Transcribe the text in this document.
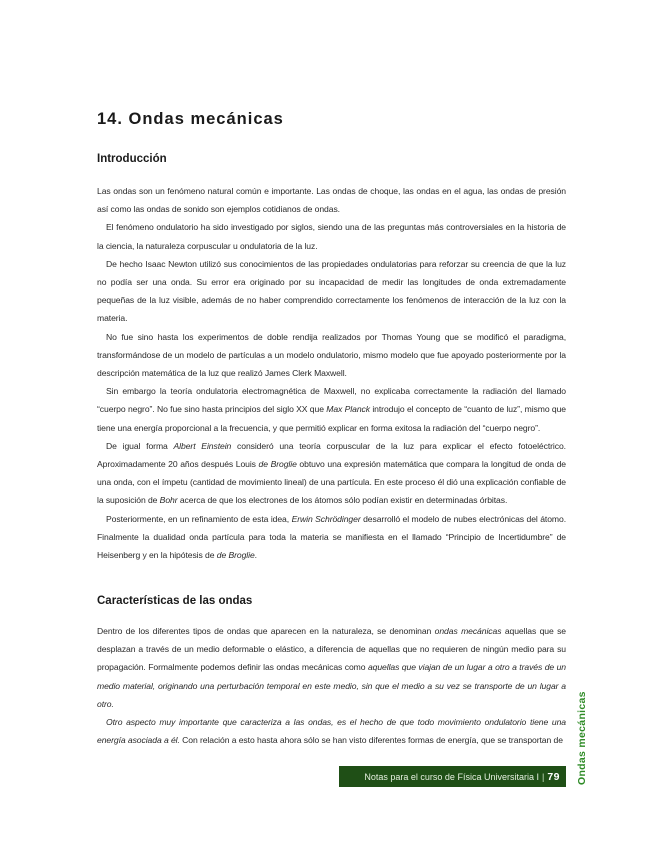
14. Ondas mecánicas
Introducción

Las ondas son un fenómeno natural común e importante. Las ondas de choque, las ondas en el agua, las ondas de presión así como las ondas de sonido son ejemplos cotidianos de ondas.

El fenómeno ondulatorio ha sido investigado por siglos, siendo una de las preguntas más controversiales en la historia de la ciencia, la naturaleza corpuscular u ondulatoria de la luz.

De hecho Isaac Newton utilizó sus conocimientos de las propiedades ondulatorias para reforzar su creencia de que la luz no podía ser una onda. Su error era originado por su incapacidad de medir las longitudes de onda extremadamente pequeñas de la luz visible, además de no haber comprendido correctamente los fenómenos de interacción de la luz con la materia.

No fue sino hasta los experimentos de doble rendija realizados por Thomas Young que se modificó el paradigma, transformándose de un modelo de partículas a un modelo ondulatorio, mismo modelo que fue apoyado posteriormente por la descripción matemática de la luz que realizó James Clerk Maxwell.

Sin embargo la teoría ondulatoria electromagnética de Maxwell, no explicaba correctamente la radiación del llamado “cuerpo negro”. No fue sino hasta principios del siglo XX que Max Planck introdujo el concepto de “cuanto de luz”, mismo que tiene una energía proporcional a la frecuencia, y que permitió explicar en forma exitosa la radiación del “cuerpo negro”.

De igual forma Albert Einstein consideró una teoría corpuscular de la luz para explicar el efecto fotoeléctrico. Aproximadamente 20 años después Louis de Broglie obtuvo una expresión matemática que compara la longitud de onda de una onda, con el ímpetu (cantidad de movimiento lineal) de una partícula. En este proceso él dió una explicación confiable de la suposición de Bohr acerca de que los electrones de los átomos sólo podían existir en determinadas órbitas.

Posteriormente, en un refinamiento de esta idea, Erwin Schrödinger desarrolló el modelo de nubes electrónicas del átomo. Finalmente la dualidad onda partícula para toda la materia se manifiesta en el llamado “Principio de Incertidumbre” de Heisenberg y en la hipótesis de de Broglie.

Características de las ondas

Dentro de los diferentes tipos de ondas que aparecen en la naturaleza, se denominan ondas mecánicas aquellas que se desplazan a través de un medio deformable o elástico, a diferencia de aquellas que no requieren de ningún medio para su propagación. Formalmente podemos definir las ondas mecánicas como aquellas que viajan de un lugar a otro a través de un medio material, originando una perturbación temporal en este medio, sin que el medio a su vez se transporte de un lugar a otro.

Otro aspecto muy importante que caracteriza a las ondas, es el hecho de que todo movimiento ondulatorio tiene una energía asociada a él. Con relación a esto hasta ahora sólo se han visto diferentes formas de energía, que se transportan de

Notas para el curso de Física Universitaria I | 79 Ondas mecánicas
